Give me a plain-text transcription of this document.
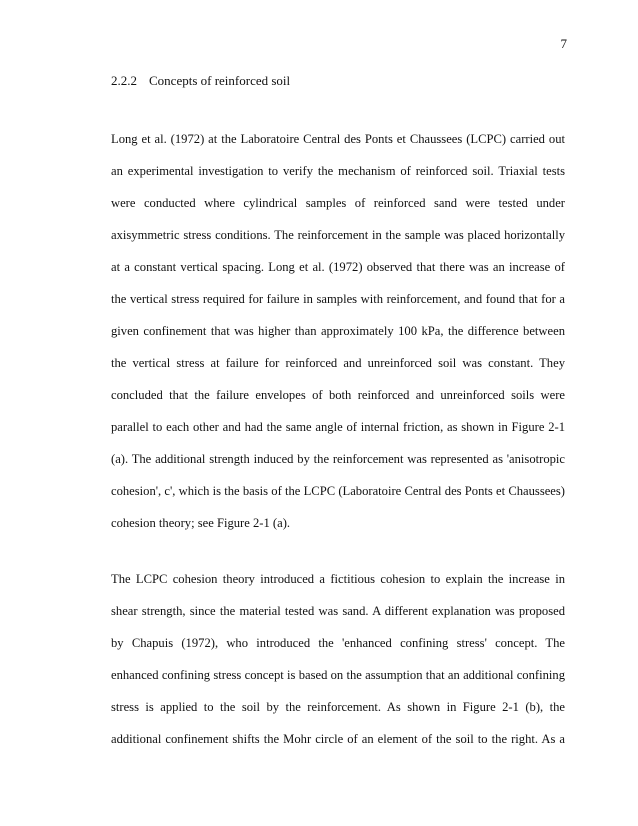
7
2.2.2 Concepts of reinforced soil
Long et al. (1972) at the Laboratoire Central des Ponts et Chaussees (LCPC) carried out
an experimental investigation to verify the mechanism of reinforced soil. Triaxial tests
were conducted where cylindrical samples of reinforced sand were tested under
axisymmetric stress conditions. The reinforcement in the sample was placed horizontally
at a constant vertical spacing. Long et al. (1972) observed that there was an increase of
the vertical stress required for failure in samples with reinforcement, and found that for a
given confinement that was higher than approximately 100 kPa, the difference between
the vertical stress at failure for reinforced and unreinforced soil was constant. They
concluded that the failure envelopes of both reinforced and unreinforced soils were
parallel to each other and had the same angle of internal friction, as shown in Figure 2-1
(a). The additional strength induced by the reinforcement was represented as 'anisotropic
cohesion', c', which is the basis of the LCPC (Laboratoire Central des Ponts et Chaussees)
cohesion theory; see Figure 2-1 (a).
The LCPC cohesion theory introduced a fictitious cohesion to explain the increase in
shear strength, since the material tested was sand. A different explanation was proposed
by Chapuis (1972), who introduced the 'enhanced confining stress' concept. The
enhanced confining stress concept is based on the assumption that an additional confining
stress is applied to the soil by the reinforcement. As shown in Figure 2-1 (b), the
additional confinement shifts the Mohr circle of an element of the soil to the right. As a
